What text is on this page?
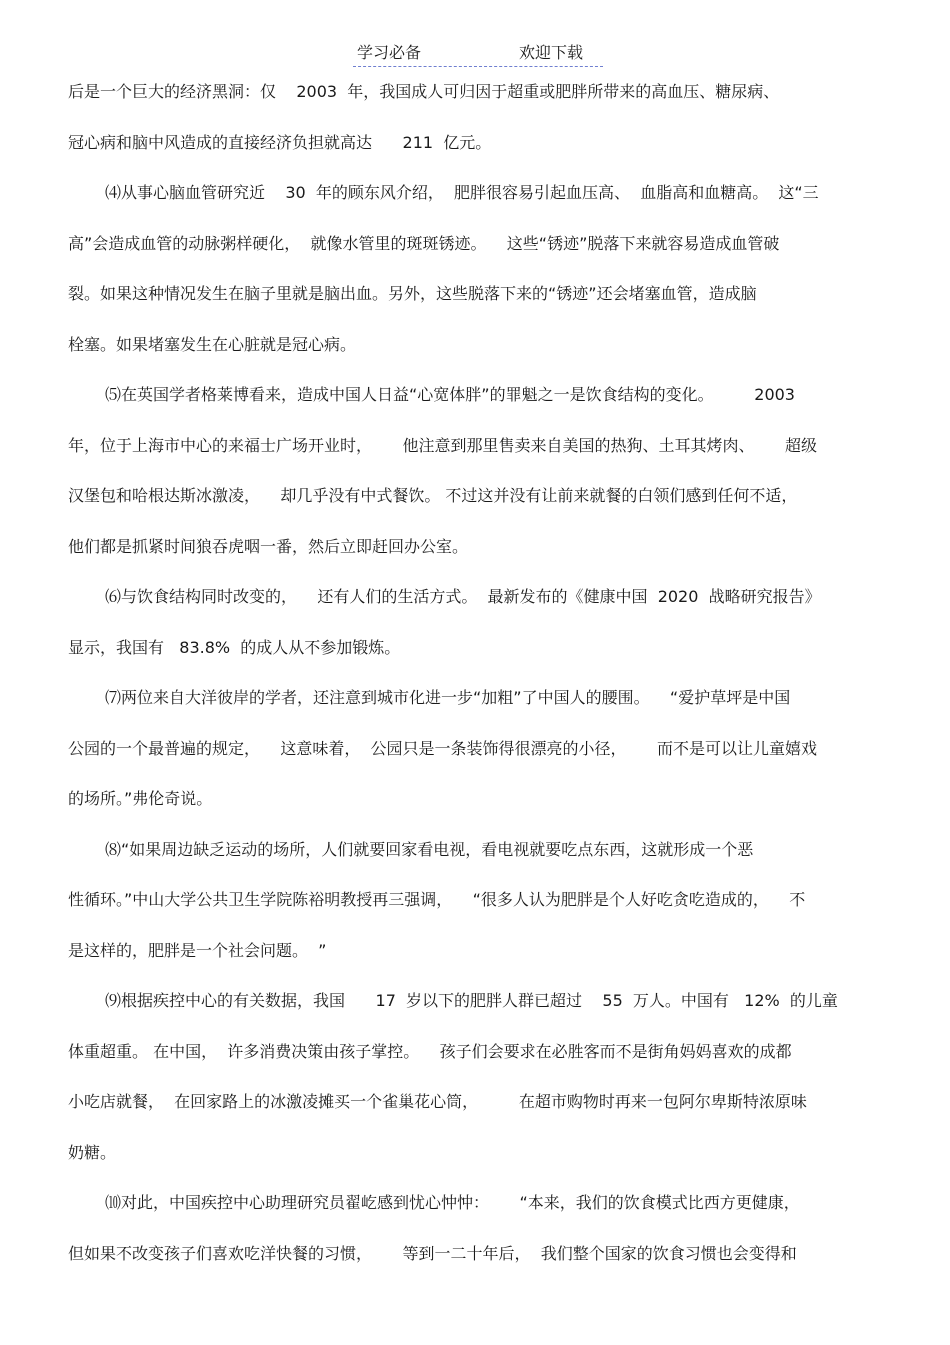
学习必备

	欢迎下载

后是一个巨大的经济黑洞：仅    2003  年，我国成人可归因于超重或肥胖所带来的高血压、糖尿病、
冠心病和脑中风造成的直接经济负担就高达      211  亿元。
⑷从事心脑血管研究近    30  年的顾东风介绍，  肥胖很容易引起血压高、  血脂高和血糖高。  这“三
高”会造成血管的动脉粥样硬化，  就像水管里的斑斑锈迹。    这些“锈迹”脱落下来就容易造成血管破
裂。如果这种情况发生在脑子里就是脑出血。另外，这些脱落下来的“锈迹”还会堵塞血管，造成脑
栓塞。如果堵塞发生在心脏就是冠心病。
⑸在英国学者格莱博看来，造成中国人日益“心宽体胖”的罪魁之一是饮食结构的变化。        2003
年，位于上海市中心的来福士广场开业时，      他注意到那里售卖来自美国的热狗、土耳其烤肉、      超级
汉堡包和哈根达斯冰激凌，    却几乎没有中式餐饮。 不过这并没有让前来就餐的白领们感到任何不适，
他们都是抓紧时间狼吞虎咽一番，然后立即赶回办公室。
⑹与饮食结构同时改变的，    还有人们的生活方式。  最新发布的《健康中国  2020  战略研究报告》
显示，我国有   83.8%  的成人从不参加锻炼。
⑺两位来自大洋彼岸的学者，还注意到城市化进一步“加粗”了中国人的腰围。    “爱护草坪是中国
公园的一个最普遍的规定，    这意味着，  公园只是一条装饰得很漂亮的小径，      而不是可以让儿童嬉戏
的场所。”弗伦奇说。
⑻“如果周边缺乏运动的场所，人们就要回家看电视，看电视就要吃点东西，这就形成一个恶
性循环。”中山大学公共卫生学院陈裕明教授再三强调，    “很多人认为肥胖是个人好吃贪吃造成的，    不
是这样的，肥胖是一个社会问题。  ”
⑼根据疾控中心的有关数据，我国      17  岁以下的肥胖人群已超过    55  万人。中国有   12%  的儿童
体重超重。 在中国，  许多消费决策由孩子掌控。    孩子们会要求在必胜客而不是街角妈妈喜欢的成都
小吃店就餐，  在回家路上的冰激凌摊买一个雀巢花心筒，        在超市购物时再来一包阿尔卑斯特浓原味
奶糖。
⑽对此，中国疾控中心助理研究员翟屹感到忧心忡忡：      “本来，我们的饮食模式比西方更健康，
但如果不改变孩子们喜欢吃洋快餐的习惯，      等到一二十年后，  我们整个国家的饮食习惯也会变得和
